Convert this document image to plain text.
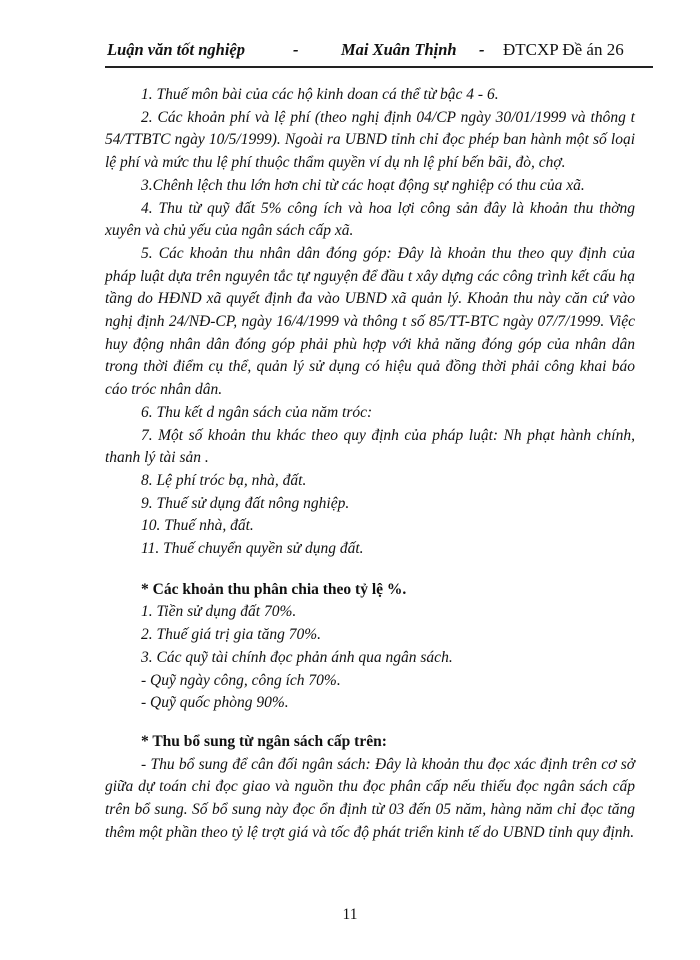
Luận văn tốt nghiệp	-	Mai Xuân Thịnh - ĐTCXP Đề án 26

1. Thuế môn bài của các hộ kinh doan cá thể từ bậc 4 - 6.

2. Các khoản phí và lệ phí (theo nghị định 04/CP ngày 30/01/1999 và thông t 54/TTBTC ngày 10/5/1999). Ngoài ra UBND tỉnh chỉ đọc phép ban hành một số loại lệ phí và mức thu lệ phí thuộc thẩm quyền ví dụ nh lệ phí bến bãi, đò, chợ.

3.Chênh lệch thu lớn hơn chi từ các hoạt động sự nghiệp có thu của xã.

4. Thu từ quỹ đất 5% công ích và hoa lợi công sản đây là khoản thu thờng xuyên và chủ yếu của ngân sách cấp xã.

5. Các khoản thu nhân dân đóng góp: Đây là khoản thu theo quy định của pháp luật dựa trên nguyên tắc tự nguyện để đầu t xây dựng các công trình kết cấu hạ tầng do HĐND xã quyết định đa vào UBND xã quản lý. Khoản thu này căn cứ vào nghị định 24/NĐ-CP, ngày 16/4/1999 và thông t số 85/TT-BTC ngày 07/7/1999. Việc huy động nhân dân đóng góp phải phù hợp với khả năng đóng góp của nhân dân trong thời điểm cụ thể, quản lý sử dụng có hiệu quả đồng thời phải công khai báo cáo tróc nhân dân.

6. Thu kết d ngân sách của năm tróc:

7. Một số khoản thu khác theo quy định của pháp luật: Nh phạt hành chính, thanh lý tài sản .

8. Lệ phí tróc bạ, nhà, đất.

9. Thuế sử dụng đất nông nghiệp.

10. Thuế nhà, đất.

11. Thuế chuyển quyền sử dụng đất.

* Các khoản thu phân chia theo tỷ lệ %.

1. Tiền sử dụng đất 70%.

2. Thuế giá trị gia tăng 70%.

3. Các quỹ tài chính đọc phản ánh qua ngân sách.

- Quỹ ngày công, công ích 70%.

- Quỹ quốc phòng 90%.

* Thu bổ sung từ ngân sách cấp trên:

- Thu bổ sung để cân đối ngân sách: Đây là khoản thu đọc xác định trên cơ sở giữa dự toán chi đọc giao và nguồn thu đọc phân cấp nếu thiếu đọc ngân sách cấp trên bổ sung. Số bổ sung này đọc ổn định từ 03 đến 05 năm, hàng năm chỉ đọc tăng thêm một phần theo tỷ lệ trợt giá và tốc độ phát triển kinh tế do UBND tỉnh quy định.

11
